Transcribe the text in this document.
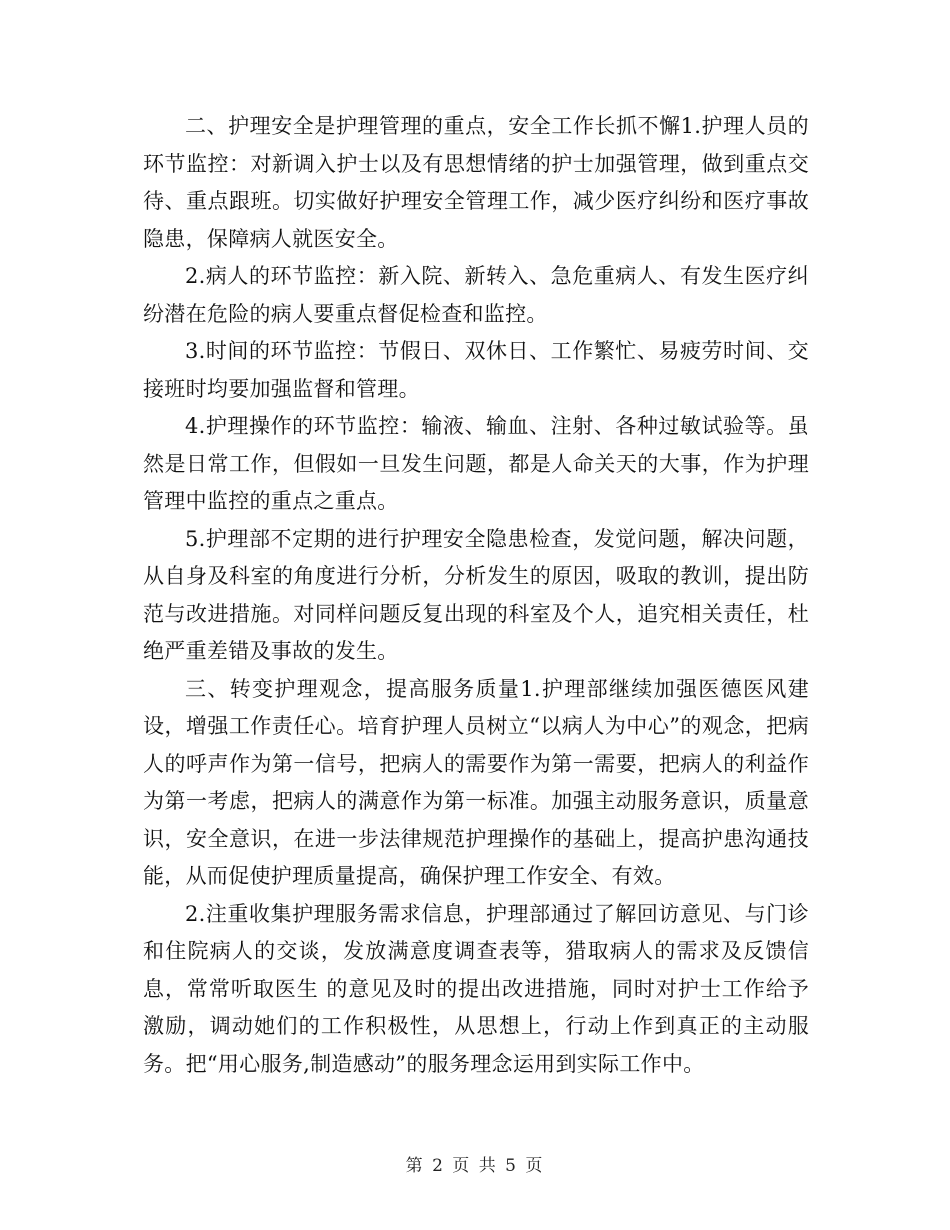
二、护理安全是护理管理的重点，安全工作长抓不懈1.护理人员的环节监控：对新调入护士以及有思想情绪的护士加强管理，做到重点交待、重点跟班。切实做好护理安全管理工作，减少医疗纠纷和医疗事故隐患，保障病人就医安全。

2.病人的环节监控：新入院、新转入、急危重病人、有发生医疗纠纷潜在危险的病人要重点督促检查和监控。

3.时间的环节监控：节假日、双休日、工作繁忙、易疲劳时间、交接班时均要加强监督和管理。

4.护理操作的环节监控：输液、输血、注射、各种过敏试验等。虽然是日常工作，但假如一旦发生问题，都是人命关天的大事，作为护理管理中监控的重点之重点。

5.护理部不定期的进行护理安全隐患检查，发觉问题，解决问题，从自身及科室的角度进行分析，分析发生的原因，吸取的教训，提出防范与改进措施。对同样问题反复出现的科室及个人，追究相关责任，杜绝严重差错及事故的发生。

三、转变护理观念，提高服务质量1.护理部继续加强医德医风建设，增强工作责任心。培育护理人员树立“以病人为中心”的观念，把病人的呼声作为第一信号，把病人的需要作为第一需要，把病人的利益作为第一考虑，把病人的满意作为第一标准。加强主动服务意识，质量意识，安全意识，在进一步法律规范护理操作的基础上，提高护患沟通技能，从而促使护理质量提高，确保护理工作安全、有效。

2.注重收集护理服务需求信息，护理部通过了解回访意见、与门诊和住院病人的交谈，发放满意度调查表等，猎取病人的需求及反馈信息，常常听取医生 的意见及时的提出改进措施，同时对护士工作给予激励，调动她们的工作积极性，从思想上，行动上作到真正的主动服务。把“用心服务,制造感动”的服务理念运用到实际工作中。

第 2 页 共 5 页
